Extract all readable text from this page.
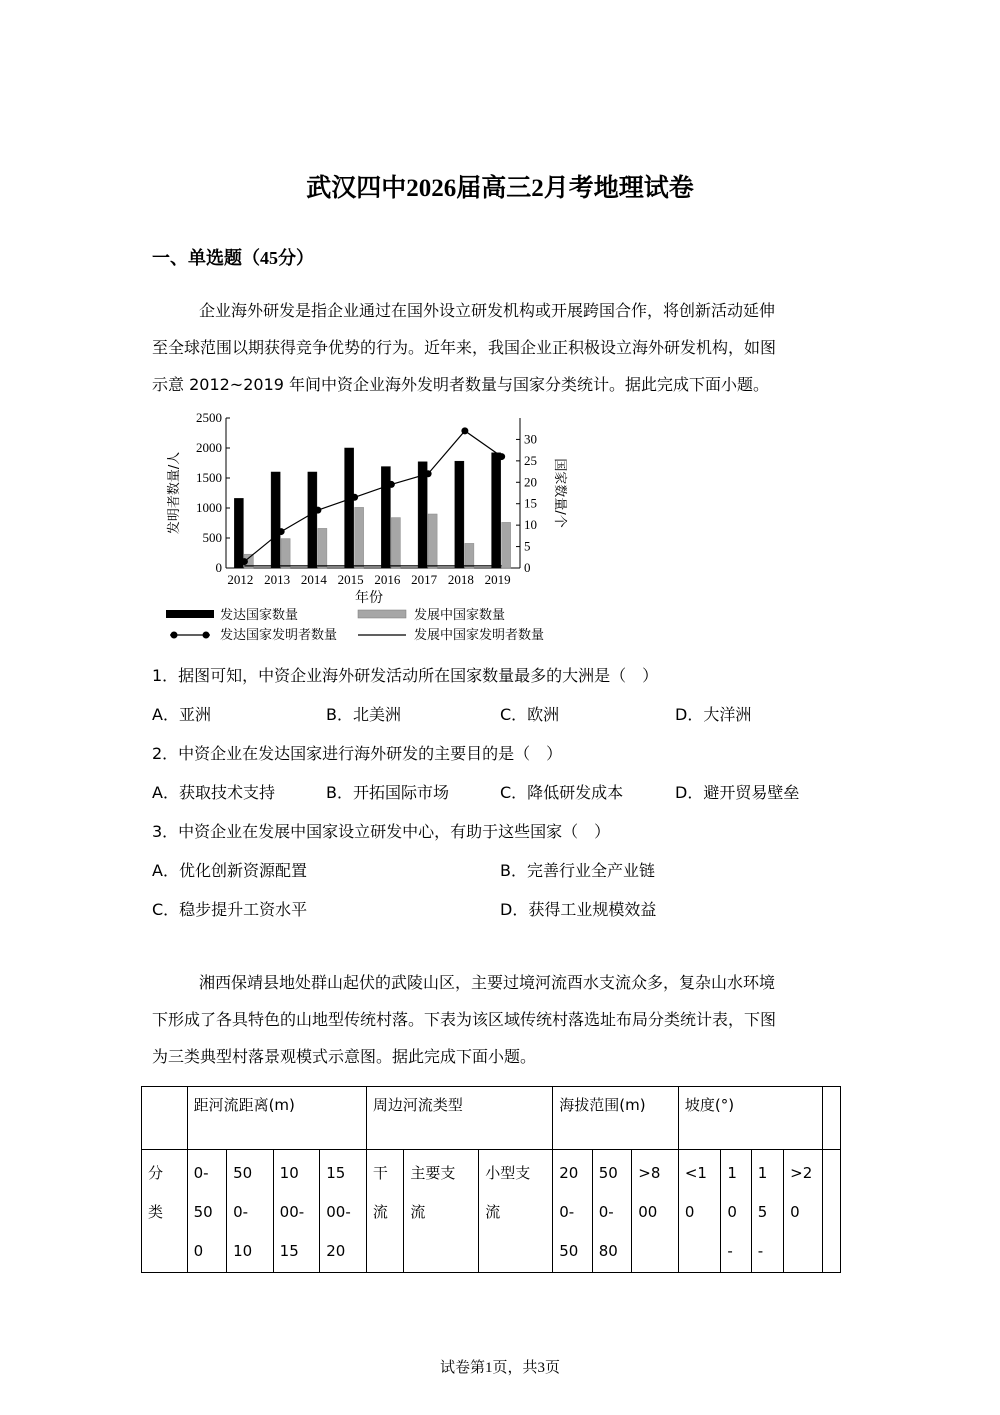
武汉四中2026届高三2月考地理试卷
一、单选题（45分）
企业海外研发是指企业通过在国外设立研发机构或开展跨国合作，将创新活动延伸
至全球范围以期获得竞争优势的行为。近年来，我国企业正积极设立海外研发机构，如图
示意 2012~2019 年间中资企业海外发明者数量与国家分类统计。据此完成下面小题。
0
500
1000
1500
2000
2500
0
5
10
15
20
25
30
2012 2013 2014 2015 2016 2017 2018 2019
年份
发明者数量/人	国家数量/个
发达国家数量	发展中国家数量
发达国家发明者数量	发展中国家发明者数量
1．据图可知，中资企业海外研发活动所在国家数量最多的大洲是（　）
A．亚洲	B．北美洲	C．欧洲	D．大洋洲
2．中资企业在发达国家进行海外研发的主要目的是（　）
A．获取技术支持	B．开拓国际市场	C．降低研发成本	D．避开贸易壁垒
3．中资企业在发展中国家设立研发中心，有助于这些国家（　）
A．优化创新资源配置	B．完善行业全产业链
C．稳步提升工资水平	D．获得工业规模效益
湘西保靖县地处群山起伏的武陵山区，主要过境河流酉水支流众多，复杂山水环境
下形成了各具特色的山地型传统村落。下表为该区域传统村落选址布局分类统计表，下图
为三类典型村落景观模式示意图。据此完成下面小题。
	距河流距离(m)				周边河流类型			海拔范围(m)			坡度(°)				

分
类	0-
50
0	50
0-
10	10
00-
15	15
00-
20	干
流	主要支
流	小型支
流	20
0-
50	50
0-
80	>8
00	<1
0	1
0
-	1
5
-	>2
0	

试卷第1页，共3页
